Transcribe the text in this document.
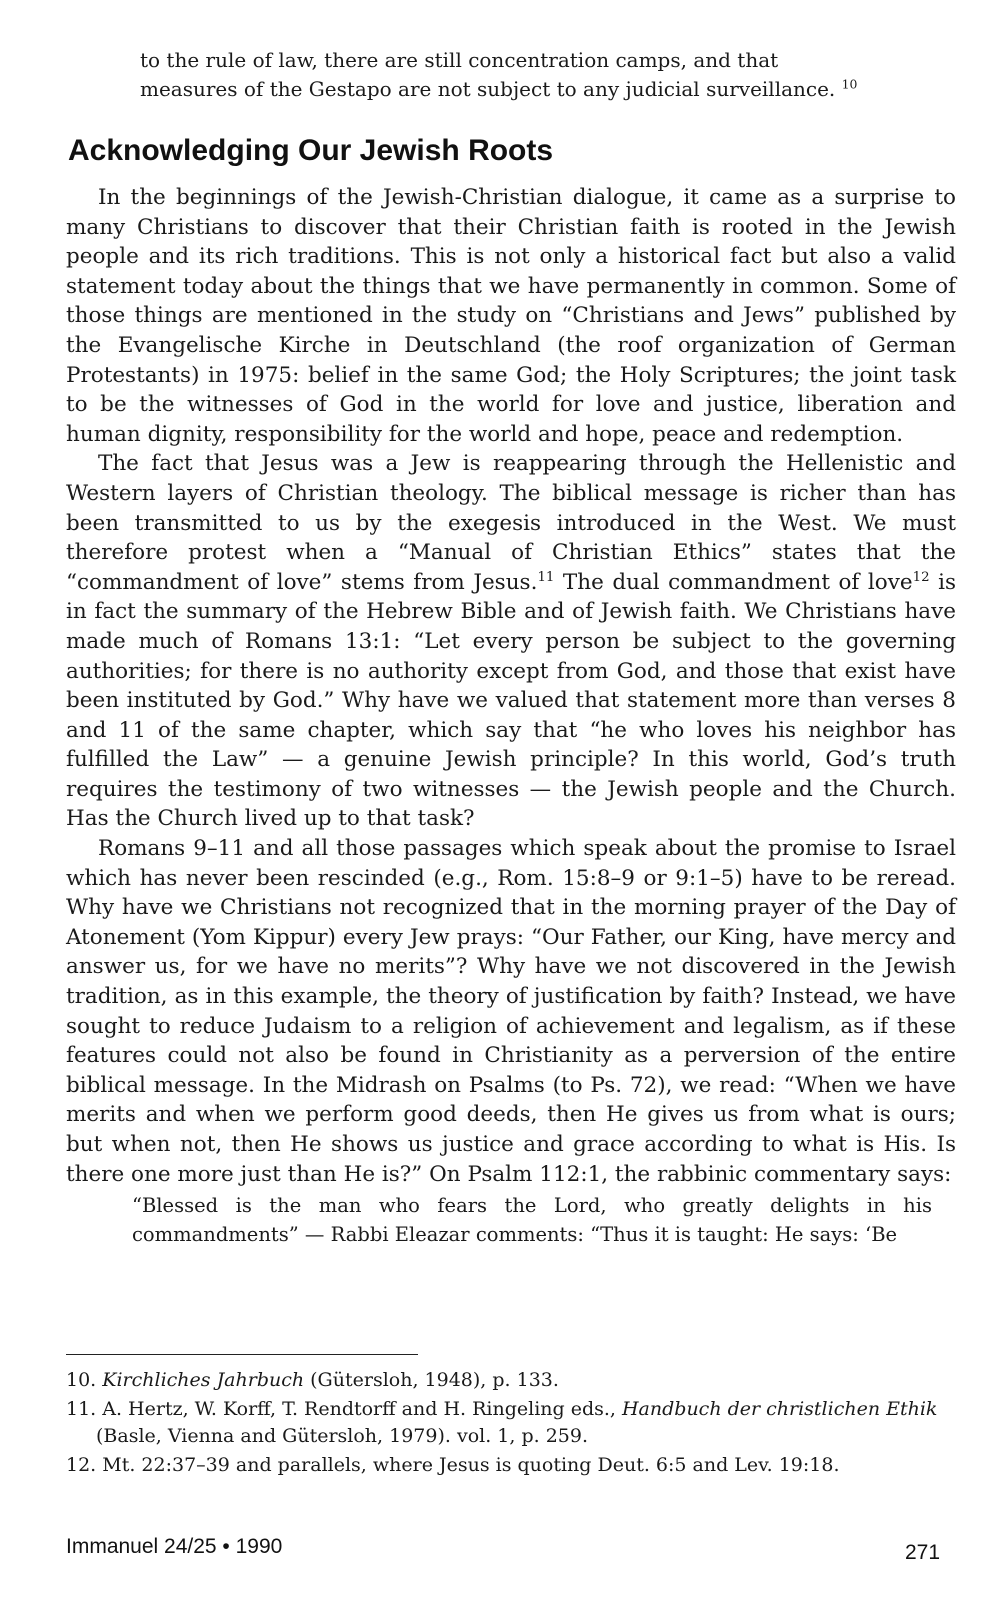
to the rule of law, there are still concentration camps, and that measures of the Gestapo are not subject to any judicial surveillance. $^{10}$

Acknowledging Our Jewish Roots

In the beginnings of the Jewish-Christian dialogue, it came as a surprise to many Christians to discover that their Christian faith is rooted in the Jewish people and its rich traditions. This is not only a historical fact but also a valid statement today about the things that we have permanently in common. Some of those things are mentioned in the study on “Christians and Jews” published by the Evangelische Kirche in Deutschland (the roof organization of German Protestants) in 1975: belief in the same God; the Holy Scriptures; the joint task to be the witnesses of God in the world for love and justice, liberation and human dignity, responsibility for the world and hope, peace and redemption.

The fact that Jesus was a Jew is reappearing through the Hellenistic and Western layers of Christian theology. The biblical message is richer than has been transmitted to us by the exegesis introduced in the West. We must therefore protest when a “Manual of Christian Ethics” states that the “commandment of love” stems from Jesus.$^{11}$ The dual commandment of love$^{12}$ is in fact the summary of the Hebrew Bible and of Jewish faith. We Christians have made much of Romans 13:1: “Let every person be subject to the governing authorities; for there is no authority except from God, and those that exist have been instituted by God.” Why have we valued that statement more than verses 8 and 11 of the same chapter, which say that “he who loves his neighbor has fulfilled the Law” — a genuine Jewish principle? In this world, God’s truth requires the testimony of two witnesses — the Jewish people and the Church. Has the Church lived up to that task?

Romans 9–11 and all those passages which speak about the promise to Israel which has never been rescinded (e.g., Rom. 15:8–9 or 9:1–5) have to be reread. Why have we Christians not recognized that in the morning prayer of the Day of Atonement (Yom Kippur) every Jew prays: “Our Father, our King, have mercy and answer us, for we have no merits”? Why have we not discovered in the Jewish tradition, as in this example, the theory of justification by faith? Instead, we have sought to reduce Judaism to a religion of achievement and legalism, as if these features could not also be found in Christianity as a perversion of the entire biblical message. In the Midrash on Psalms (to Ps. 72), we read: “When we have merits and when we perform good deeds, then He gives us from what is ours; but when not, then He shows us justice and grace according to what is His. Is there one more just than He is?” On Psalm 112:1, the rabbinic commentary says:

“Blessed is the man who fears the Lord, who greatly delights in his commandments” — Rabbi Eleazar comments: “Thus it is taught: He says: ‘Be

10. Kirchliches Jahrbuch (Gütersloh, 1948), p. 133.

11. A. Hertz, W. Korff, T. Rendtorff and H. Ringeling eds., Handbuch der christlichen Ethik (Basle, Vienna and Gütersloh, 1979). vol. 1, p. 259.

12. Mt. 22:37–39 and parallels, where Jesus is quoting Deut. 6:5 and Lev. 19:18.

Immanuel 24/25 • 1990	271
